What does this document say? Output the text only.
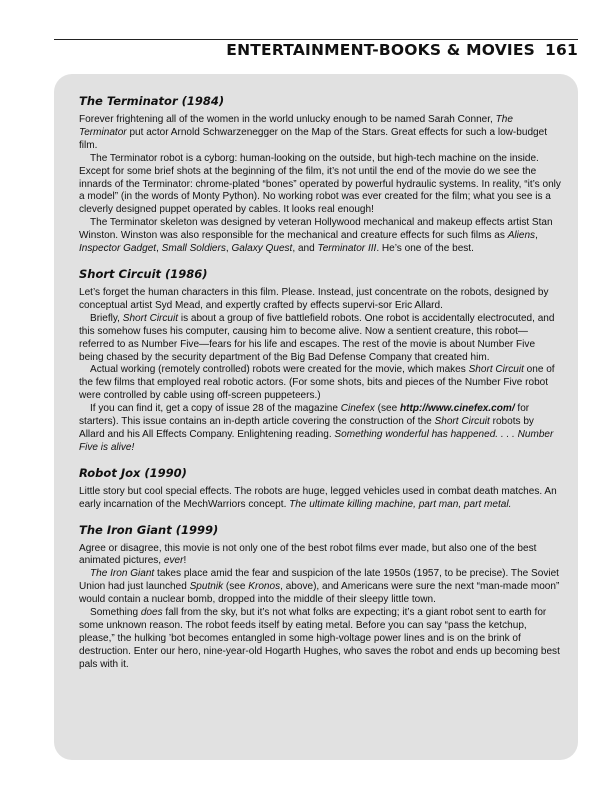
ENTERTAINMENT-BOOKS & MOVIES 161
The Terminator (1984)

Forever frightening all of the women in the world unlucky enough to be named Sarah Conner, The Terminator put actor Arnold Schwarzenegger on the Map of the Stars. Great effects for such a low-budget film.

The Terminator robot is a cyborg: human-looking on the outside, but high-tech machine on the inside. Except for some brief shots at the beginning of the film, it’s not until the end of the movie do we see the innards of the Terminator: chrome-plated “bones” operated by powerful hydraulic systems. In reality, “it’s only a model” (in the words of Monty Python). No working robot was ever created for the film; what you see is a cleverly designed puppet operated by cables. It looks real enough!

The Terminator skeleton was designed by veteran Hollywood mechanical and makeup effects artist Stan Winston. Winston was also responsible for the mechanical and creature effects for such films as Aliens, Inspector Gadget, Small Soldiers, Galaxy Quest, and Terminator III. He’s one of the best.

Short Circuit (1986)

Let’s forget the human characters in this film. Please. Instead, just concentrate on the robots, designed by conceptual artist Syd Mead, and expertly crafted by effects supervi-sor Eric Allard.

Briefly, Short Circuit is about a group of five battlefield robots. One robot is accidentally electrocuted, and this somehow fuses his computer, causing him to become alive. Now a sentient creature, this robot—referred to as Number Five—fears for his life and escapes. The rest of the movie is about Number Five being chased by the security department of the Big Bad Defense Company that created him.

Actual working (remotely controlled) robots were created for the movie, which makes Short Circuit one of the few films that employed real robotic actors. (For some shots, bits and pieces of the Number Five robot were controlled by cable using off-screen puppeteers.)

If you can find it, get a copy of issue 28 of the magazine Cinefex (see http://www.cinefex.com/ for starters). This issue contains an in-depth article covering the construction of the Short Circuit robots by Allard and his All Effects Company. Enlightening reading. Something wonderful has happened. . . . Number Five is alive!

Robot Jox (1990)

Little story but cool special effects. The robots are huge, legged vehicles used in combat death matches. An early incarnation of the MechWarriors concept. The ultimate killing machine, part man, part metal.

The Iron Giant (1999)

Agree or disagree, this movie is not only one of the best robot films ever made, but also one of the best animated pictures, ever!

The Iron Giant takes place amid the fear and suspicion of the late 1950s (1957, to be precise). The Soviet Union had just launched Sputnik (see Kronos, above), and Americans were sure the next “man-made moon” would contain a nuclear bomb, dropped into the middle of their sleepy little town.

Something does fall from the sky, but it’s not what folks are expecting; it’s a giant robot sent to earth for some unknown reason. The robot feeds itself by eating metal. Before you can say “pass the ketchup, please,” the hulking ’bot becomes entangled in some high-voltage power lines and is on the brink of destruction. Enter our hero, nine-year-old Hogarth Hughes, who saves the robot and ends up becoming best pals with it.
